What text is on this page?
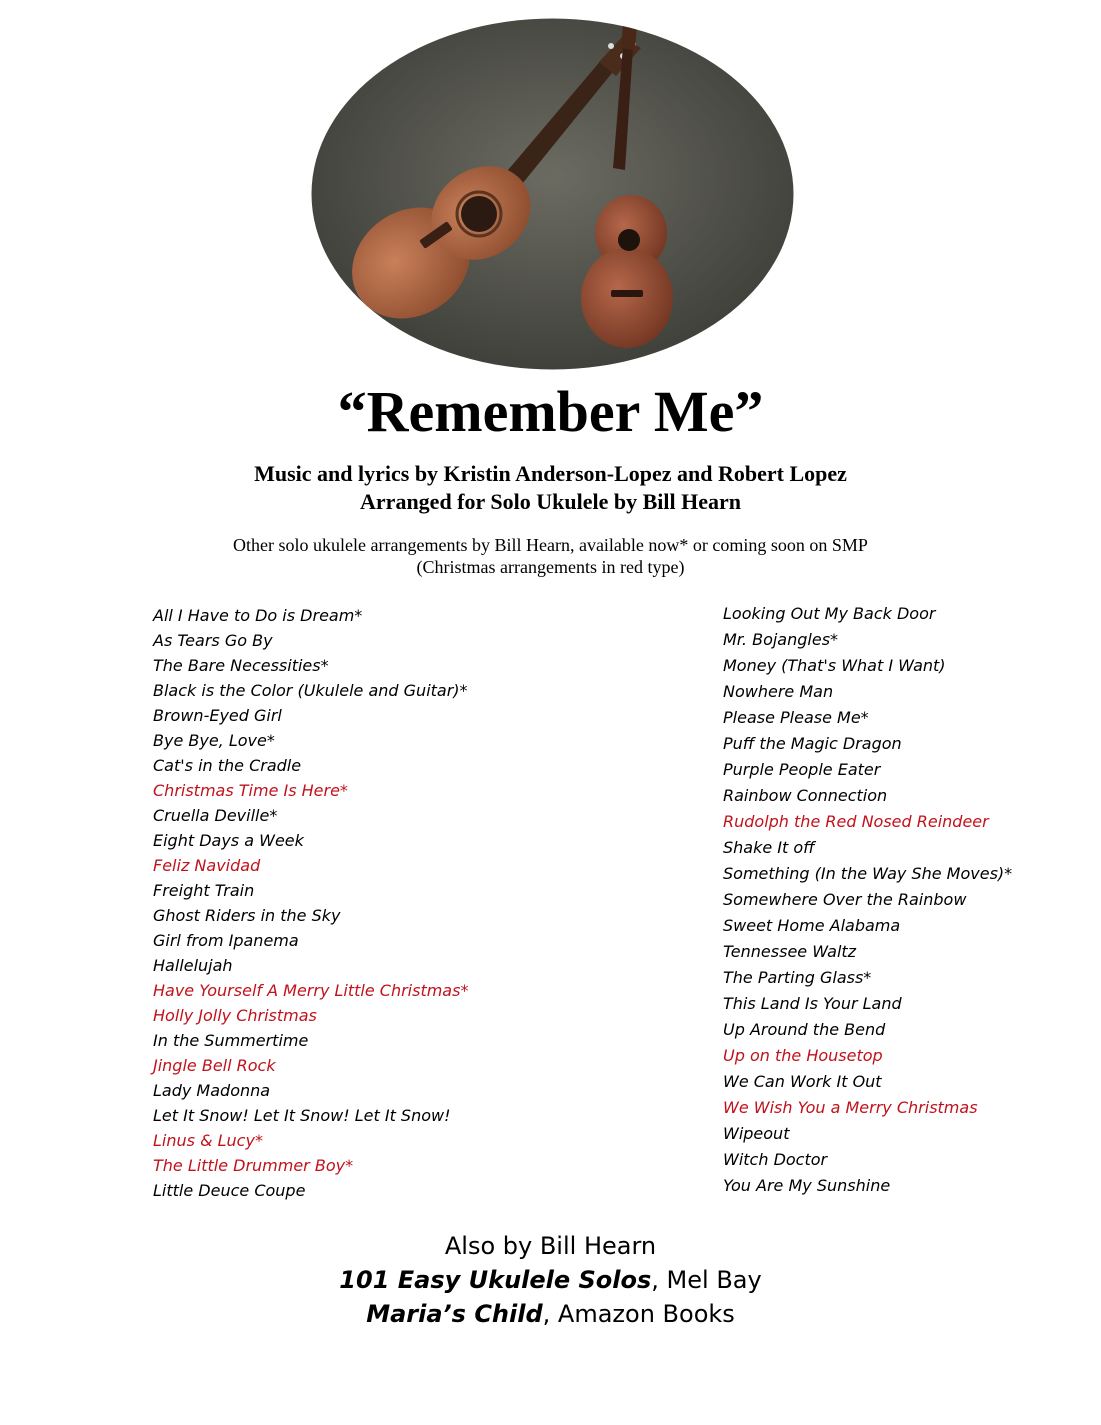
“Remember Me”
Music and lyrics by Kristin Anderson-Lopez and Robert Lopez
Arranged for Solo Ukulele by Bill Hearn
Other solo ukulele arrangements by Bill Hearn, available now* or coming soon on SMP
(Christmas arrangements in red type)
All I Have to Do is Dream*
As Tears Go By
The Bare Necessities*
Black is the Color (Ukulele and Guitar)*
Brown-Eyed Girl
Bye Bye, Love*
Cat's in the Cradle
Christmas Time Is Here*
Cruella Deville*
Eight Days a Week
Feliz Navidad
Freight Train
Ghost Riders in the Sky
Girl from Ipanema
Hallelujah
Have Yourself A Merry Little Christmas*
Holly Jolly Christmas
In the Summertime
Jingle Bell Rock
Lady Madonna
Let It Snow! Let It Snow! Let It Snow!
Linus & Lucy*
The Little Drummer Boy*
Little Deuce Coupe
Looking Out My Back Door
Mr. Bojangles*
Money (That's What I Want)
Nowhere Man
Please Please Me*
Puff the Magic Dragon
Purple People Eater
Rainbow Connection
Rudolph the Red Nosed Reindeer
Shake It off
Something (In the Way She Moves)*
Somewhere Over the Rainbow
Sweet Home Alabama
Tennessee Waltz
The Parting Glass*
This Land Is Your Land
Up Around the Bend
Up on the Housetop
We Can Work It Out
We Wish You a Merry Christmas
Wipeout
Witch Doctor
You Are My Sunshine
Also by Bill Hearn
101 Easy Ukulele Solos, Mel Bay
Maria’s Child, Amazon Books
